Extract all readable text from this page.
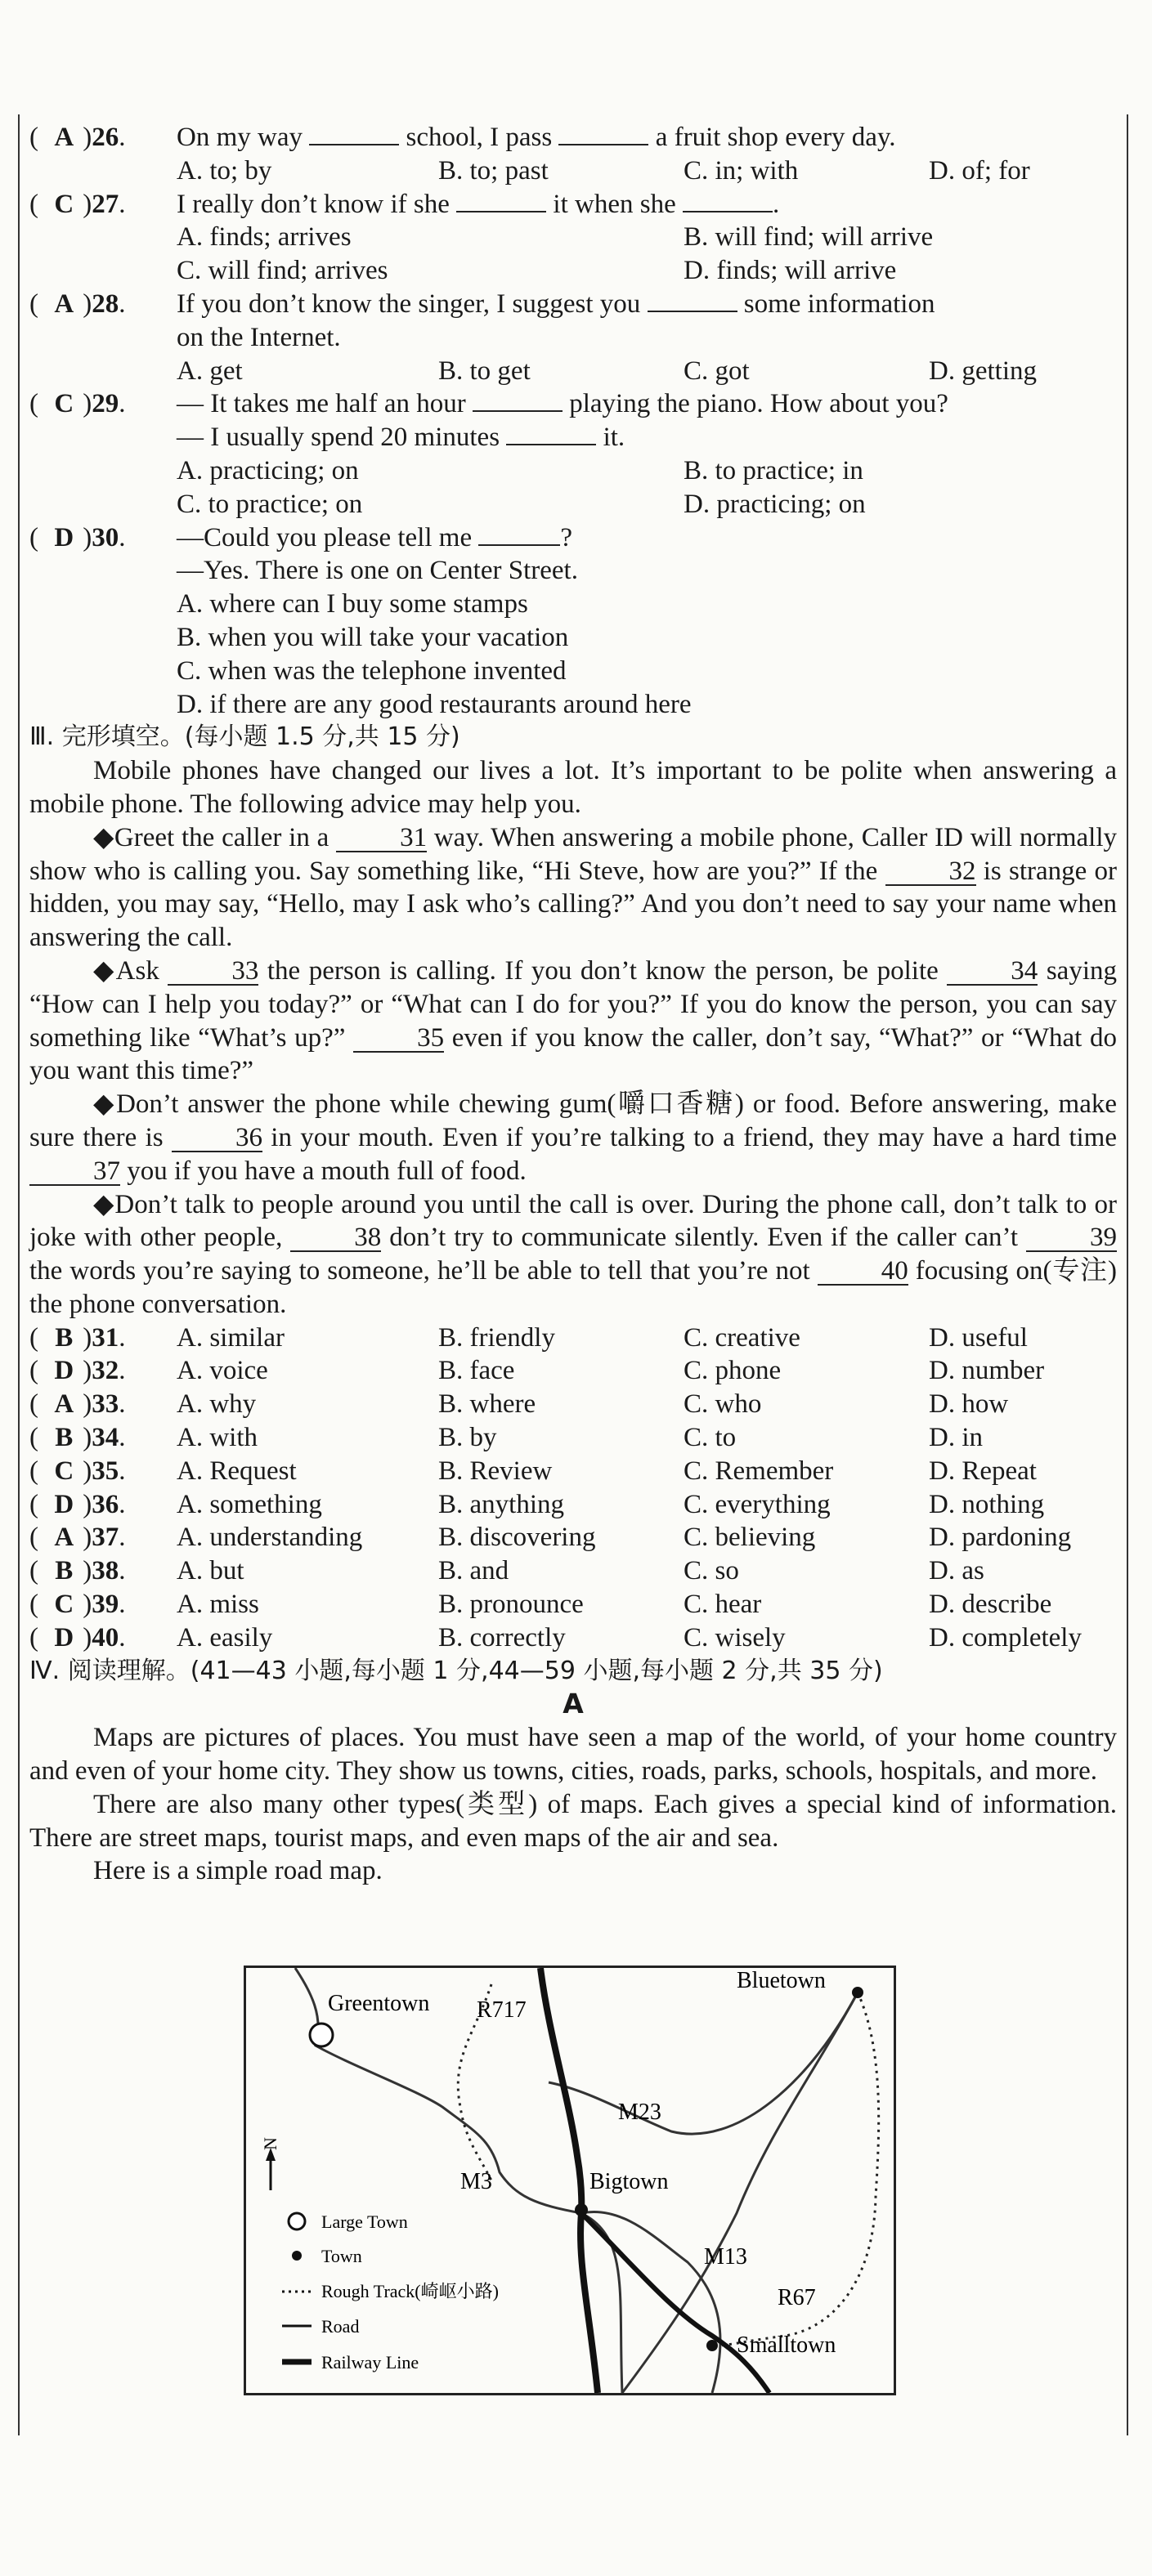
( A )26.	On my way	school, I pass	a fruit shop every day.
A. to; by	B. to; past	C. in; with	D. of; for
( C )27.	I really don’t know if she	it when she	.
A. finds; arrives	B. will find; will arrive
C. will find; arrives	D. finds; will arrive
( A )28.	If you don’t know the singer, I suggest you	some information
on the Internet.
A. get	B. to get	C. got	D. getting
( C )29.	— It takes me half an hour	playing the piano. How about you?
— I usually spend 20 minutes	it.
A. practicing; on	B. to practice; in
C. to practice; on	D. practicing; on
( D )30.	—Could you please tell me	?
—Yes. There is one on Center Street.
A. where can I buy some stamps
B. when you will take your vacation
C. when was the telephone invented
D. if there are any good restaurants around here
Ⅲ. 完形填空。(每小题 1.5 分,共 15 分)

Mobile phones have changed our lives a lot. It’s important to be polite when answering a mobile phone. The following advice may help you.

◆Greet the caller in a 31 way. When answering a mobile phone, Caller ID will normally show who is calling you. Say something like, “Hi Steve, how are you?” If the 32 is strange or hidden, you may say, “Hello, may I ask who’s calling?” And you don’t need to say your name when answering the call.

◆Ask 33 the person is calling. If you don’t know the person, be polite 34 saying “How can I help you today?” or “What can I do for you?” If you do know the person, you can say something like “What’s up?” 35 even if you know the caller, don’t say, “What?” or “What do you want this time?”

◆Don’t answer the phone while chewing gum(嚼口香糖) or food. Before answering, make sure there is 36 in your mouth. Even if you’re talking to a friend, they may have a hard time 37 you if you have a mouth full of food.

◆Don’t talk to people around you until the call is over. During the phone call, don’t talk to or joke with other people, 38 don’t try to communicate silently. Even if the caller can’t 39 the words you’re saying to someone, he’ll be able to tell that you’re not 40 focusing on(专注) the phone conversation.

( B )31.	A. similar	B. friendly	C. creative	D. useful
( D )32.	A. voice	B. face	C. phone	D. number
( A )33.	A. why	B. where	C. who	D. how
( B )34.	A. with	B. by	C. to	D. in
( C )35.	A. Request	B. Review	C. Remember	D. Repeat
( D )36.	A. something	B. anything	C. everything	D. nothing
( A )37.	A. understanding	B. discovering	C. believing	D. pardoning
( B )38.	A. but	B. and	C. so	D. as
( C )39.	A. miss	B. pronounce	C. hear	D. describe
( D )40.	A. easily	B. correctly	C. wisely	D. completely
Ⅳ. 阅读理解。(41—43 小题,每小题 1 分,44—59 小题,每小题 2 分,共 35 分)
A

Maps are pictures of places. You must have seen a map of the world, of your home country and even of your home city. They show us towns, cities, roads, parks, schools, hospitals, and more.

There are also many other types(类型) of maps. Each gives a special kind of information. There are street maps, tourist maps, and even maps of the air and sea.

Here is a simple road map.

Greentown
Bluetown
Bigtown
Smalltown
R717
M23
M3
M13
R67
N
Large Town
Town
Rough Track(崎岖小路)
Road
Railway Line
